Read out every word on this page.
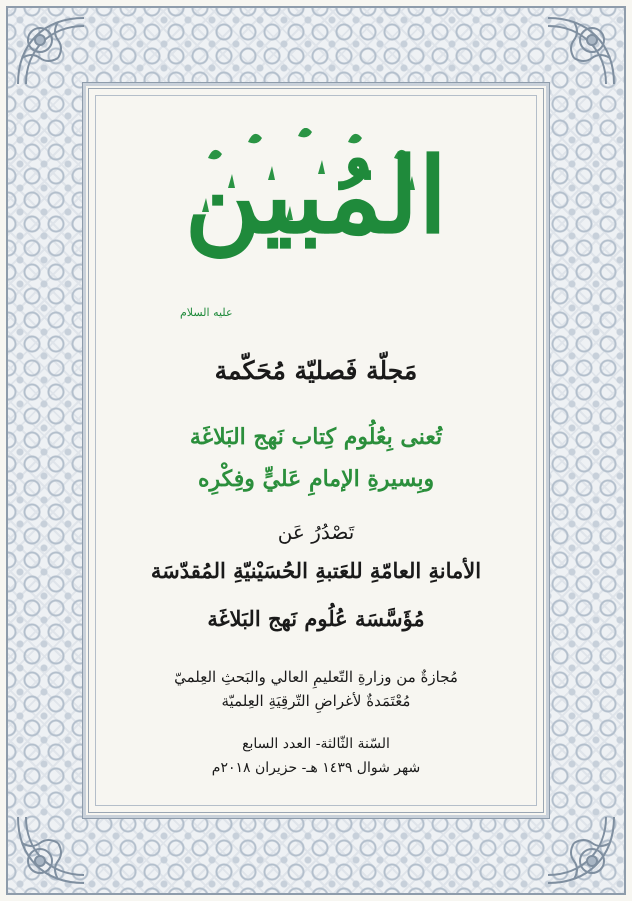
المُبين
عليه السلام
مَجلّة فَصليّة مُحَكّمة
تُعنى بِعُلُوم كِتاب نَهج البَلاغَة
وبِسيرةِ الإمامِ عَليٍّ وفِكْرِه
تَصْدُرُ عَن
الأمانةِ العامّةِ للعَتبةِ الحُسَيْنيّةِ المُقدّسَة
مُؤَسَّسَة عُلُوم نَهج البَلاغَة
مُجازةٌ من وزارةِ التّعليمِ العالي والبَحثِ العِلميّ
مُعْتَمَدةٌ لأغراضِ التّرقِيَةِ العِلميّة
السّنة الثّالثة- العدد السابع
شهر شوال ١٤٣٩ هـ- حزيران ٢٠١٨م
